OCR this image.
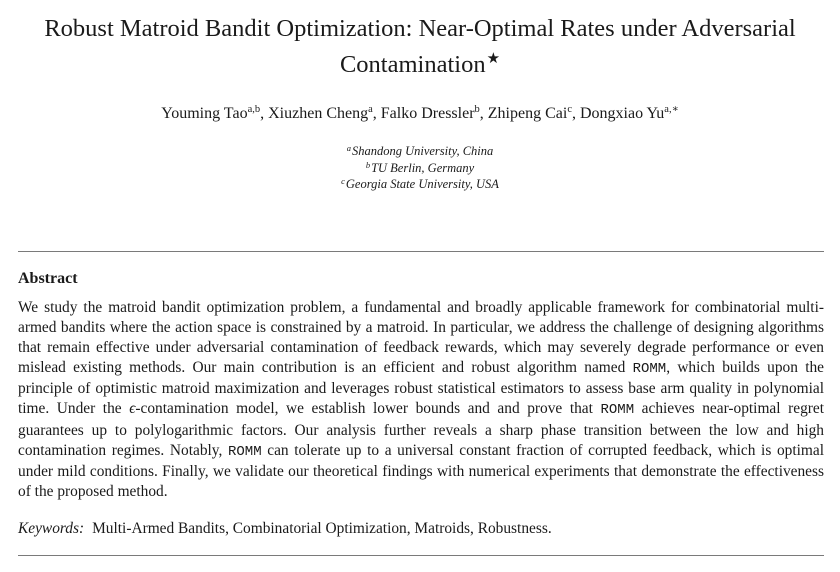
Robust Matroid Bandit Optimization: Near-Optimal Rates under Adversarial Contamination★
Youming Tao$^{a,b}$, Xiuzhen Cheng$^a$, Falko Dressler$^b$, Zhipeng Cai$^c$, Dongxiao $Yu^{a,∗}$
$^a$Shandong University, China
$^b$TU Berlin, Germany
$^c$Georgia State University, USA
Abstract

We study the matroid bandit optimization problem, a fundamental and broadly applicable framework for combinatorial multi-armed bandits where the action space is constrained by a matroid. In particular, we address the challenge of designing algorithms that remain effective under adversarial contamination of feedback rewards, which may severely degrade performance or even mislead existing methods. Our main contribution is an efficient and robust algorithm named ROMM, which builds upon the principle of optimistic matroid maximization and leverages robust statistical estimators to assess base arm quality in polynomial time. Under the ϵ-contamination model, we establish lower bounds and and prove that ROMM achieves near-optimal regret guarantees up to polylogarithmic factors. Our analysis further reveals a sharp phase transition between the low and high contamination regimes. Notably, ROMM can tolerate up to a universal constant fraction of corrupted feedback, which is optimal under mild conditions. Finally, we validate our theoretical findings with numerical experiments that demonstrate the effectiveness of the proposed method.

Keywords: Multi-Armed Bandits, Combinatorial Optimization, Matroids, Robustness.
